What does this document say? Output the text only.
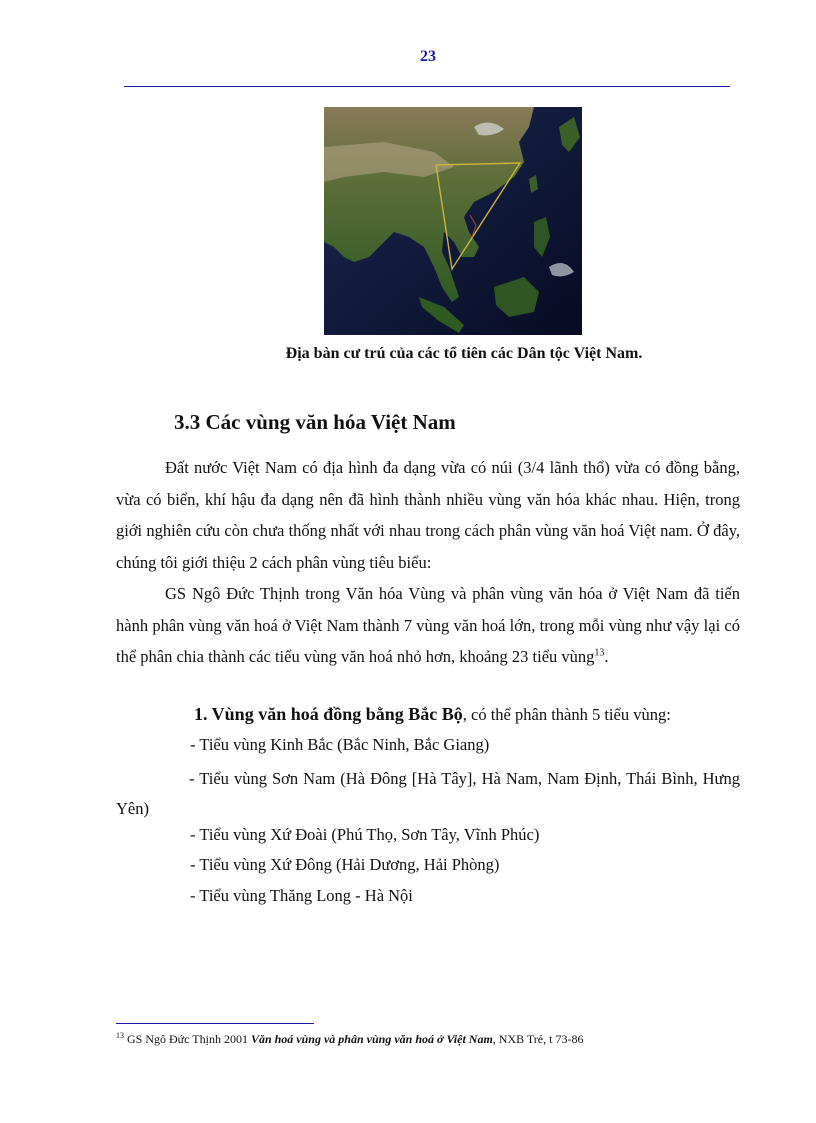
23
Địa bàn cư trú của các tổ tiên các Dân tộc Việt Nam.
3.3 Các vùng văn hóa Việt Nam

Đất nước Việt Nam có địa hình đa dạng vừa có núi (3/4 lãnh thổ) vừa có đồng bằng, vừa có biển, khí hậu đa dạng nên đã hình thành nhiều vùng văn hóa khác nhau. Hiện, trong giới nghiên cứu còn chưa thống nhất với nhau trong cách phân vùng văn hoá Việt nam. Ở đây, chúng tôi giới thiệu 2 cách phân vùng tiêu biểu:

GS Ngô Đức Thịnh trong Văn hóa Vùng và phân vùng văn hóa ở Việt Nam đã tiến hành phân vùng văn hoá ở Việt Nam thành 7 vùng văn hoá lớn, trong mỗi vùng như vậy lại có thể phân chia thành các tiểu vùng văn hoá nhỏ hơn, khoảng 23 tiểu vùng$^{13}$.

1. Vùng văn hoá đồng bằng Bắc Bộ, có thể phân thành 5 tiểu vùng:
- Tiểu vùng Kinh Bắc (Bắc Ninh, Bắc Giang)

- Tiểu vùng Sơn Nam (Hà Đông [Hà Tây], Hà Nam, Nam Định, Thái Bình, Hưng Yên)

- Tiểu vùng Xứ Đoài (Phú Thọ, Sơn Tây, Vĩnh Phúc)
- Tiểu vùng Xứ Đông (Hải Dương, Hải Phòng)
- Tiểu vùng Thăng Long - Hà Nội
$^{13}$ GS Ngô Đức Thịnh 2001 Văn hoá vùng và phân vùng văn hoá ở Việt Nam, NXB Trẻ, t 73-86
